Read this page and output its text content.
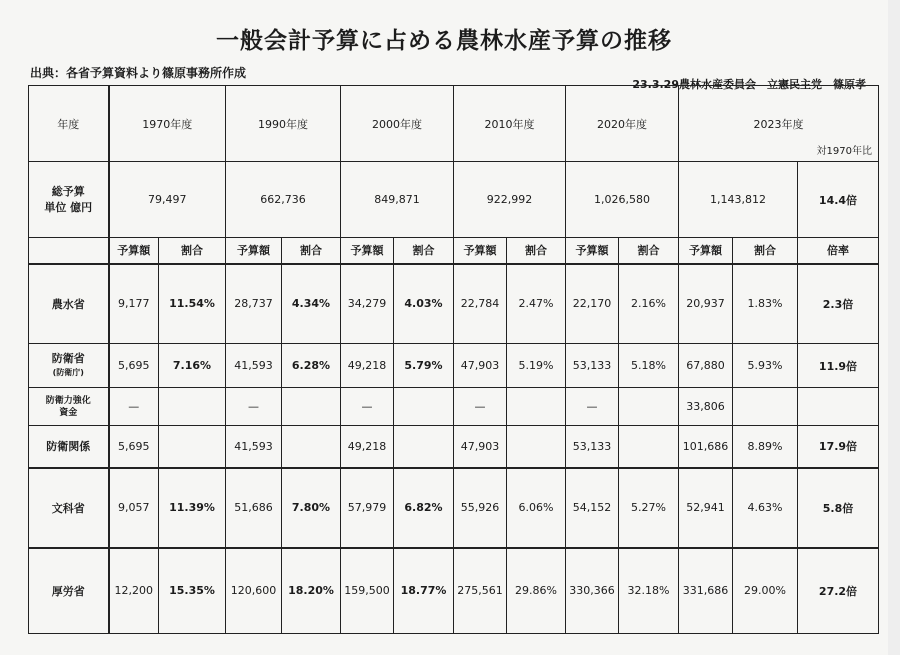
一般会計予算に占める農林水産予算の推移
出典：各省予算資料より篠原事務所作成
23.3.29農林水産委員会　立憲民主党　篠原孝
年度	1970年度		1990年度		2000年度		2010年度		2020年度		2023年度
対1970年比		

総予算
単位 億円	79,497		662,736		849,871		922,992		1,026,580		1,143,812		14.4倍
	予算額	割合	予算額	割合	予算額	割合	予算額	割合	予算額	割合	予算額	割合	倍率
農水省	9,177	11.54%	28,737	4.34%	34,279	4.03%	22,784	2.47%	22,170	2.16%	20,937	1.83%	2.3倍
防衛省
(防衛庁)	5,695	7.16%	41,593	6.28%	49,218	5.79%	47,903	5.19%	53,133	5.18%	67,880	5.93%	11.9倍

防衛力強化
資金	—		—		—		—		—		33,806		
防衛関係	5,695		41,593		49,218		47,903		53,133		101,686	8.89%	17.9倍
文科省	9,057	11.39%	51,686	7.80%	57,979	6.82%	55,926	6.06%	54,152	5.27%	52,941	4.63%	5.8倍
厚労省	12,200	15.35%	120,600	18.20%	159,500	18.77%	275,561	29.86%	330,366	32.18%	331,686	29.00%	27.2倍
